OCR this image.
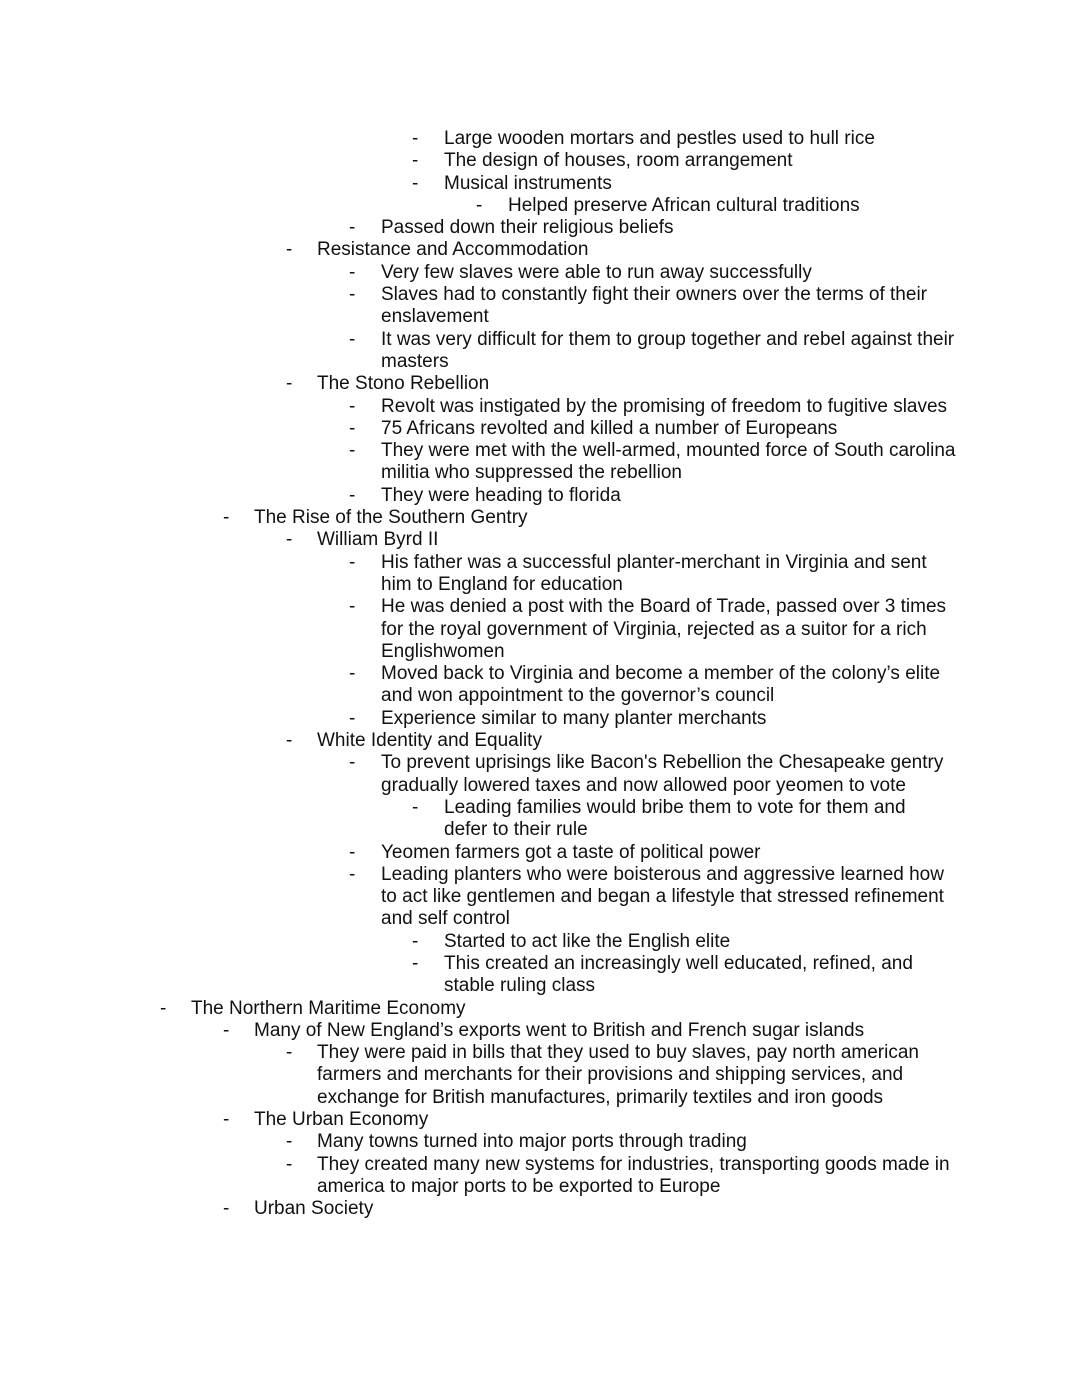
- Large wooden mortars and pestles used to hull rice
- The design of houses, room arrangement
- Musical instruments
- Helped preserve African cultural traditions
- Passed down their religious beliefs
- Resistance and Accommodation
- Very few slaves were able to run away successfully
- Slaves had to constantly fight their owners over the terms of their enslavement
- It was very difficult for them to group together and rebel against their masters
- The Stono Rebellion
- Revolt was instigated by the promising of freedom to fugitive slaves
- 75 Africans revolted and killed a number of Europeans
- They were met with the well-armed, mounted force of South carolina militia who suppressed the rebellion
- They were heading to florida
- The Rise of the Southern Gentry
- William Byrd II
- His father was a successful planter-merchant in Virginia and sent him to England for education
- He was denied a post with the Board of Trade, passed over 3 times for the royal government of Virginia, rejected as a suitor for a rich Englishwomen
- Moved back to Virginia and become a member of the colony’s elite and won appointment to the governor’s council
- Experience similar to many planter merchants
- White Identity and Equality
- To prevent uprisings like Bacon's Rebellion the Chesapeake gentry gradually lowered taxes and now allowed poor yeomen to vote
- Leading families would bribe them to vote for them and defer to their rule
- Yeomen farmers got a taste of political power
- Leading planters who were boisterous and aggressive learned how to act like gentlemen and began a lifestyle that stressed refinement and self control
- Started to act like the English elite
- This created an increasingly well educated, refined, and stable ruling class
- The Northern Maritime Economy
- Many of New England’s exports went to British and French sugar islands
- They were paid in bills that they used to buy slaves, pay north american farmers and merchants for their provisions and shipping services, and exchange for British manufactures, primarily textiles and iron goods
- The Urban Economy
- Many towns turned into major ports through trading
- They created many new systems for industries, transporting goods made in america to major ports to be exported to Europe
- Urban Society
